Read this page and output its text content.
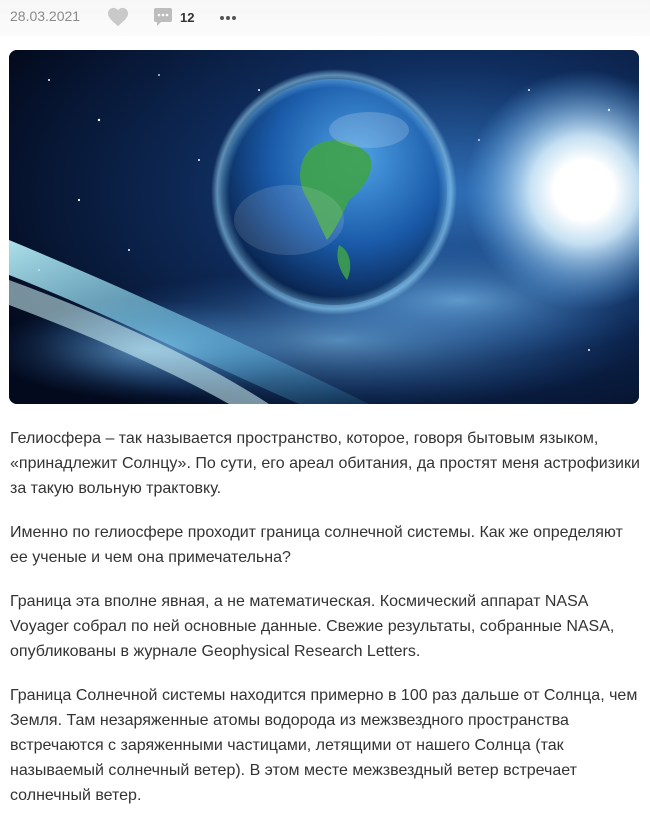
28.03.2021	12

Гелиосфера – так называется пространство, которое, говоря бытовым языком, «принадлежит Солнцу». По сути, его ареал обитания, да простят меня астрофизики за такую вольную трактовку.

Именно по гелиосфере проходит граница солнечной системы. Как же определяют ее ученые и чем она примечательна?

Граница эта вполне явная, а не математическая. Космический аппарат NASA Voyager собрал по ней основные данные. Свежие результаты, собранные NASA, опубликованы в журнале Geophysical Research Letters.

Граница Солнечной системы находится примерно в 100 раз дальше от Солнца, чем Земля. Там незаряженные атомы водорода из межзвездного пространства встречаются с заряженными частицами, летящими от нашего Солнца (так называемый солнечный ветер). В этом месте межзвездный ветер встречает солнечный ветер.
